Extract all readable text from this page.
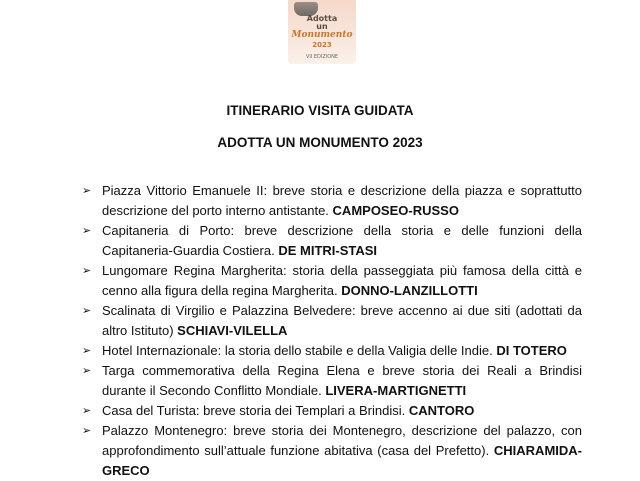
Adotta
un
Monumento
2023
VII EDIZIONE
ITINERARIO VISITA GUIDATA
ADOTTA UN MONUMENTO 2023
➢ Piazza Vittorio Emanuele II: breve storia e descrizione della piazza e soprattutto descrizione del porto interno antistante. CAMPOSEO-RUSSO
➢ Capitaneria di Porto: breve descrizione della storia e delle funzioni della Capitaneria-Guardia Costiera. DE MITRI-STASI
➢ Lungomare Regina Margherita: storia della passeggiata più famosa della città e cenno alla figura della regina Margherita. DONNO-LANZILLOTTI
➢ Scalinata di Virgilio e Palazzina Belvedere: breve accenno ai due siti (adottati da altro Istituto) SCHIAVI-VILELLA
➢ Hotel Internazionale: la storia dello stabile e della Valigia delle Indie. DI TOTERO
➢ Targa commemorativa della Regina Elena e breve storia dei Reali a Brindisi durante il Secondo Conflitto Mondiale. LIVERA-MARTIGNETTI
➢ Casa del Turista: breve storia dei Templari a Brindisi. CANTORO
➢ Palazzo Montenegro: breve storia dei Montenegro, descrizione del palazzo, con approfondimento sull’attuale funzione abitativa (casa del Prefetto). CHIARAMIDA-GRECO
